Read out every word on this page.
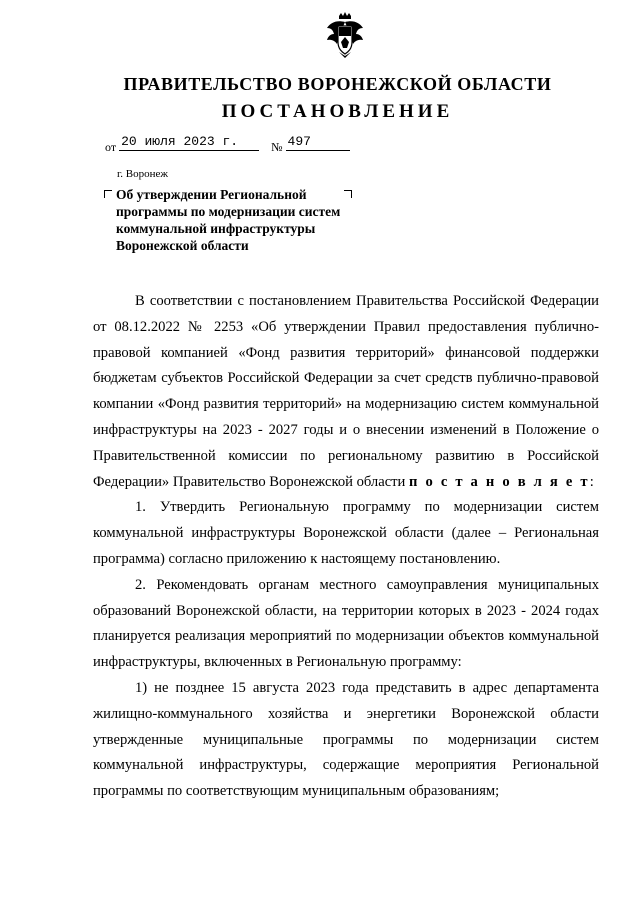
ПРАВИТЕЛЬСТВО ВОРОНЕЖСКОЙ ОБЛАСТИ
ПОСТАНОВЛЕНИЕ
от 20 июля 2023 г.	№ 497
г. Воронеж
Об утверждении Региональной программы по модернизации систем коммунальной инфраструктуры Воронежской области

В соответствии с постановлением Правительства Российской Федерации от 08.12.2022 № 2253 «Об утверждении Правил предоставления публично-правовой компанией «Фонд развития территорий» финансовой поддержки бюджетам субъектов Российской Федерации за счет средств публично-правовой компании «Фонд развития территорий» на модернизацию систем коммунальной инфраструктуры на 2023 - 2027 годы и о внесении изменений в Положение о Правительственной комиссии по региональному развитию в Российской Федерации» Правительство Воронежской области п о с т а н о в л я е т:

1. Утвердить Региональную программу по модернизации систем коммунальной инфраструктуры Воронежской области (далее – Региональная программа) согласно приложению к настоящему постановлению.

2. Рекомендовать органам местного самоуправления муниципальных образований Воронежской области, на территории которых в 2023 - 2024 годах планируется реализация мероприятий по модернизации объектов коммунальной инфраструктуры, включенных в Региональную программу:

1) не позднее 15 августа 2023 года представить в адрес департамента жилищно-коммунального хозяйства и энергетики Воронежской области утвержденные муниципальные программы по модернизации систем коммунальной инфраструктуры, содержащие мероприятия Региональной программы по соответствующим муниципальным образованиям;
